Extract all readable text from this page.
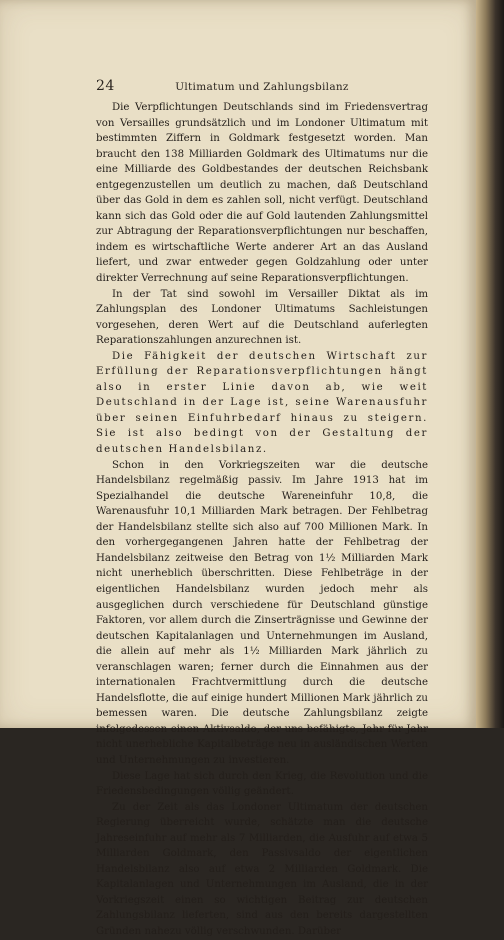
24	Ultimatum und Zahlungsbilanz

Die Verpflichtungen Deutschlands sind im Friedensvertrag von Versailles grundsätzlich und im Londoner Ultimatum mit bestimmten Ziffern in Goldmark festgesetzt worden. Man braucht den 138 Milliarden Goldmark des Ultimatums nur die eine Milliarde des Goldbestandes der deutschen Reichsbank entgegenzustellen um deutlich zu machen, daß Deutschland über das Gold in dem es zahlen soll, nicht verfügt. Deutschland kann sich das Gold oder die auf Gold lautenden Zahlungsmittel zur Abtragung der Reparationsverpflichtungen nur beschaffen, indem es wirtschaftliche Werte anderer Art an das Ausland liefert, und zwar entweder gegen Goldzahlung oder unter direkter Verrechnung auf seine Reparationsverpflichtungen.

In der Tat sind sowohl im Versailler Diktat als im Zahlungsplan des Londoner Ultimatums Sachleistungen vorgesehen, deren Wert auf die Deutschland auferlegten Reparationszahlungen anzurechnen ist.

Die Fähigkeit der deutschen Wirtschaft zur Erfüllung der Reparationsverpflichtungen hängt also in erster Linie davon ab, wie weit Deutschland in der Lage ist, seine Warenausfuhr über seinen Einfuhrbedarf hinaus zu steigern. Sie ist also bedingt von der Gestaltung der deutschen Handelsbilanz.

Schon in den Vorkriegszeiten war die deutsche Handelsbilanz regelmäßig passiv. Im Jahre 1913 hat im Spezialhandel die deutsche Wareneinfuhr 10,8, die Warenausfuhr 10,1 Milliarden Mark betragen. Der Fehlbetrag der Handelsbilanz stellte sich also auf 700 Millionen Mark. In den vorhergegangenen Jahren hatte der Fehlbetrag der Handelsbilanz zeitweise den Betrag von 1½ Milliarden Mark nicht unerheblich überschritten. Diese Fehlbeträge in der eigentlichen Handelsbilanz wurden jedoch mehr als ausgeglichen durch verschiedene für Deutschland günstige Faktoren, vor allem durch die Zinserträgnisse und Gewinne der deutschen Kapitalanlagen und Unternehmungen im Ausland, die allein auf mehr als 1½ Milliarden Mark jährlich zu veranschlagen waren; ferner durch die Einnahmen aus der internationalen Frachtvermittlung durch die deutsche Handelsflotte, die auf einige hundert Millionen Mark jährlich zu bemessen waren. Die deutsche Zahlungsbilanz zeigte infolgedessen einen Aktivsaldo, der uns befähigte, Jahr für Jahr nicht unerhebliche Kapitalbeträge neu in ausländischen Werten und Unternehmungen zu investieren.

Diese Lage hat sich durch den Krieg, die Revolution und die Friedensbedingungen völlig geändert.

Zu der Zeit als das Londoner Ultimatum der deutschen Regierung überreicht wurde, schätzte man die deutsche Jahreseinfuhr auf mehr als 7 Milliarden, die Ausfuhr auf etwa 5 Milliarden Goldmark, den Passivsaldo der eigentlichen Handelsbilanz also auf etwa 2 Milliarden Goldmark. Die Kapitalanlagen und Unternehmungen im Ausland, die in der Vorkriegszeit einen so wichtigen Beitrag zur deutschen Zahlungsbilanz lieferten, sind aus den bereits dargestellten Gründen nahezu völlig verschwunden. Darüber
